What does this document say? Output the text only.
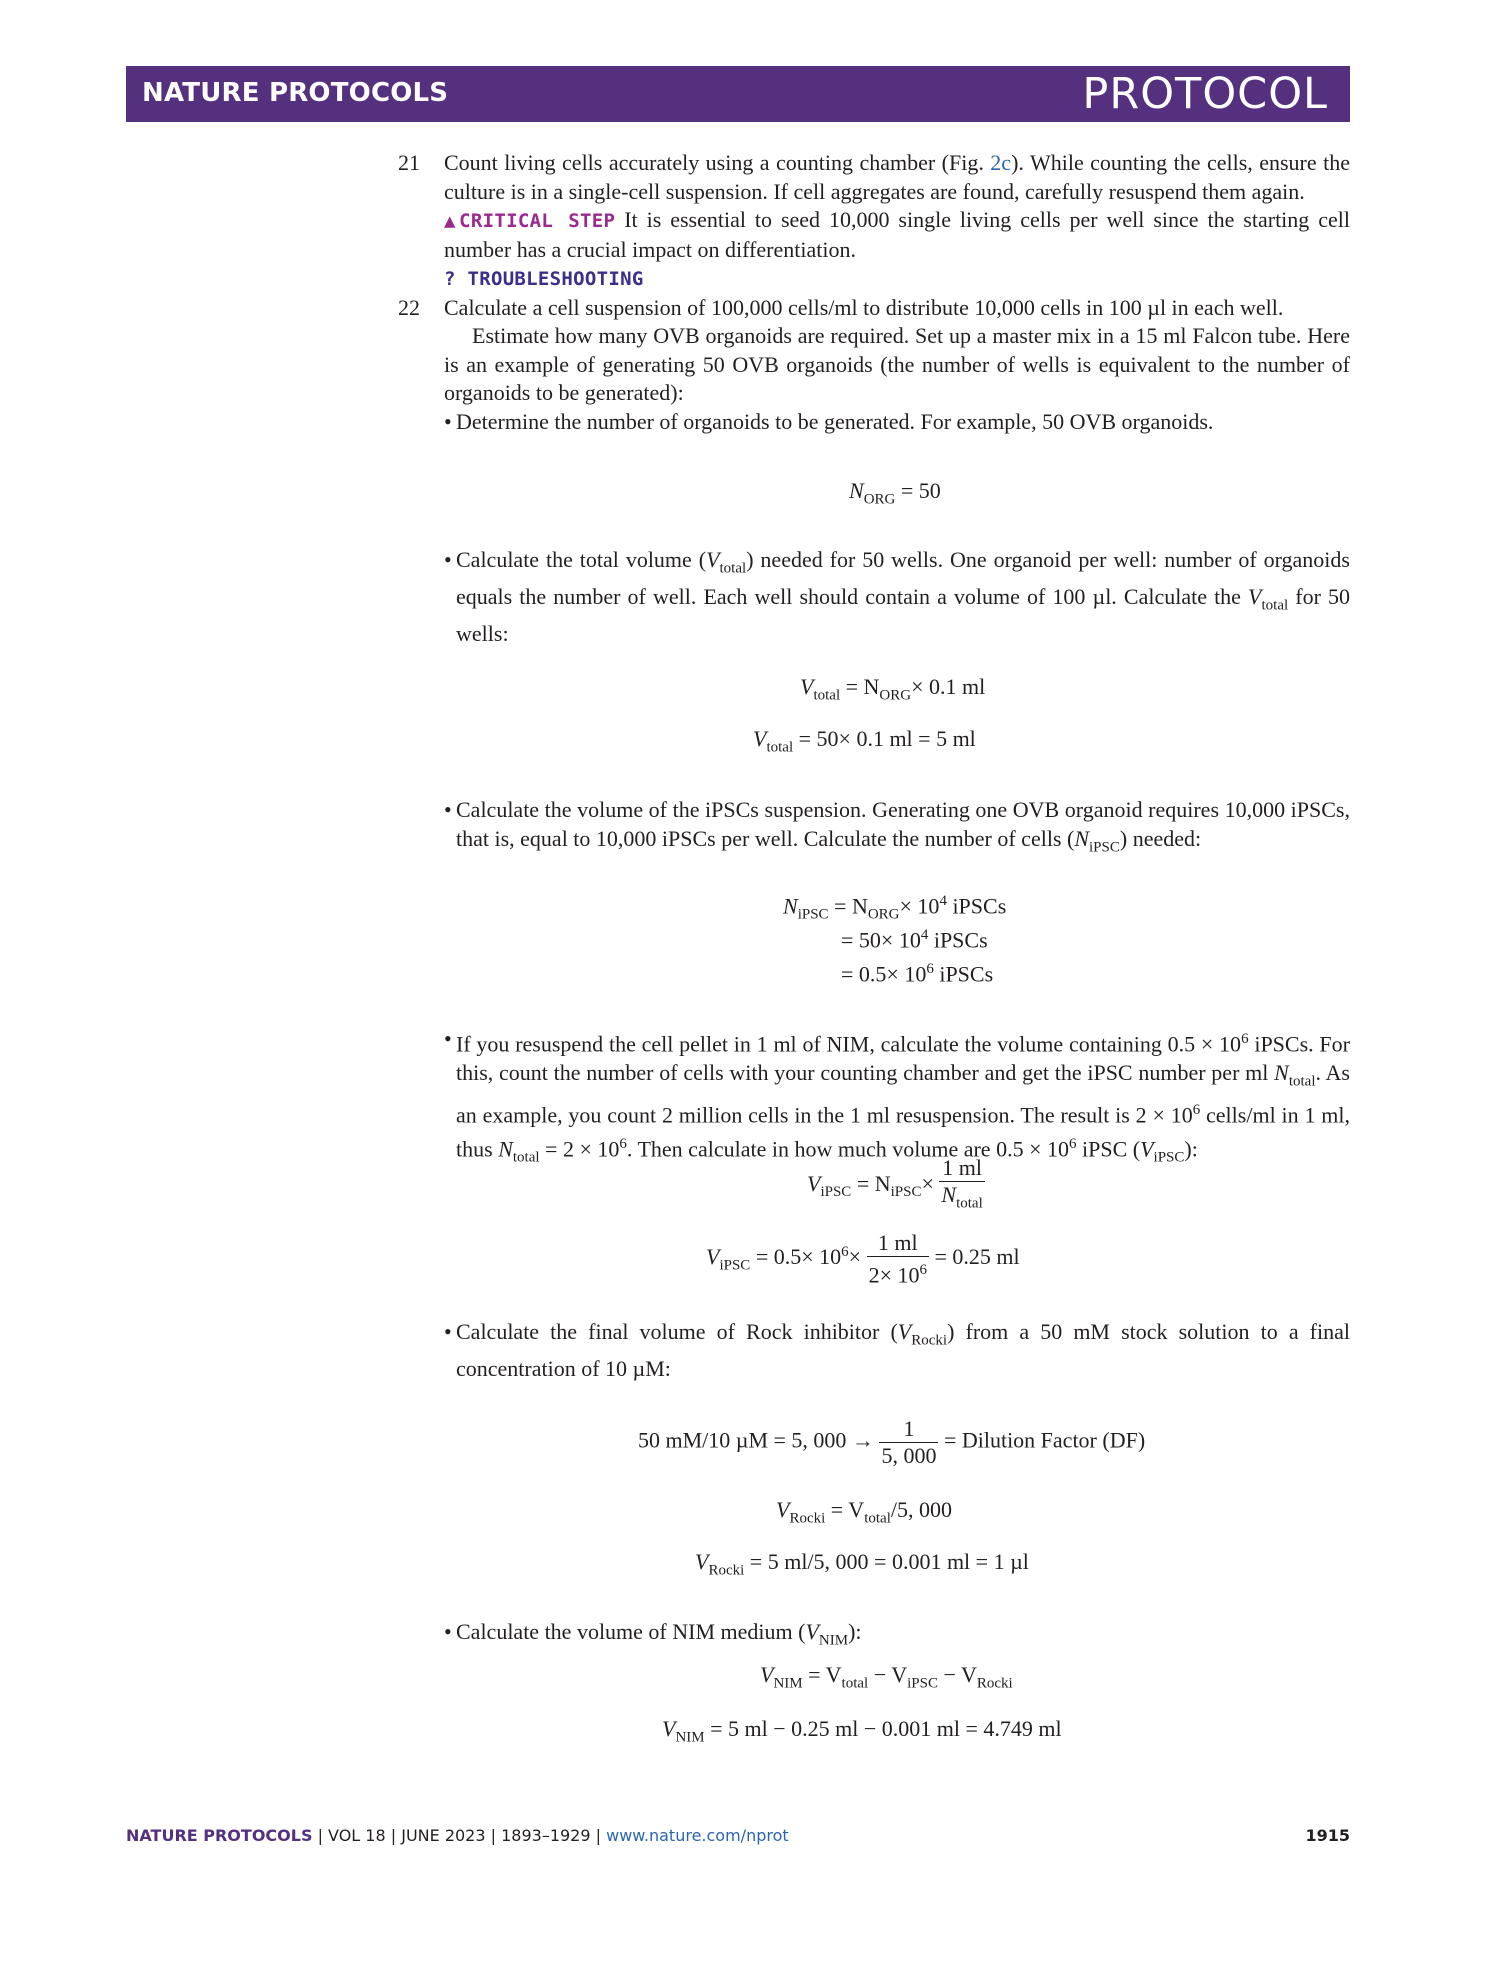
NATURE PROTOCOLS	PROTOCOL
21 Count living cells accurately using a counting chamber (Fig. 2c). While counting the cells, ensure the culture is in a single-cell suspension. If cell aggregates are found, carefully resuspend them again.

▲CRITICAL STEP It is essential to seed 10,000 single living cells per well since the starting cell number has a crucial impact on differentiation.

? TROUBLESHOOTING

22 Calculate a cell suspension of 100,000 cells/ml to distribute 10,000 cells in 100 µl in each well.

Estimate how many OVB organoids are required. Set up a master mix in a 15 ml Falcon tube. Here is an example of generating 50 OVB organoids (the number of wells is equivalent to the number of organoids to be generated):

• Determine the number of organoids to be generated. For example, 50 OVB organoids.

• Calculate the total volume $(V_{total})$ needed for 50 wells. One organoid per well: number of organoids equals the number of well. Each well should contain a volume of 100 µl. Calculate the $V_{total}$ for 50 wells:

• Calculate the volume of the iPSCs suspension. Generating one OVB organoid requires 10,000 iPSCs, that is, equal to 10,000 iPSCs per well. Calculate the number of cells $(N_{iPSC})$ needed:

• If you resuspend the cell pellet in 1 ml of NIM, calculate the volume containing $0.5 \times 10^6$ iPSCs. For this, count the number of cells with your counting chamber and get the iPSC number per ml $N_{total}$. As an example, you count 2 million cells in the 1 ml resuspension. The result is $2 \times 10^6$ cells/ml in 1 ml, thus $N_{total} = 2 \times 10^6$. Then calculate in how much volume are $0.5 \times 10^6$ iPSC $(V_{iPSC})$:

• Calculate the final volume of Rock inhibitor $(V_{Rocki})$ from a 50 mM stock solution to a final concentration of 10 µM:

• Calculate the volume of NIM medium $(V_{NIM})$:

$N_{ORG} = 50$
$V_{total} = N_{ORG}\times 0.1$ ml
$V_{total} = 50\times 0.1$ ml = 5 ml
$N_{iPSC} = N_{ORG}\times 10^4$ iPSCs
= $50\times 10^4$ iPSCs
= $0.5\times 10^6$ iPSCs
$V_{iPSC} = N_{iPSC}\times \frac{1 ml}{N_{total}}$
$V_{iPSC} = 0.5\times 10^6\times \frac{1 ml}{2\times 10^6} = 0.25$ ml
50 mM/10 µM = 5, $000 \to \frac{1}{5, 000}$ = Dilution Factor (DF)
$V_{Rocki} = V_{total}/5$, 000
$V_{Rocki} = 5$ ml/5, 000 = 0.001 ml = 1 µl
$V_{NIM} = V_{total} - V_{iPSC} - V_{Rocki}$
$V_{NIM} = 5$ ml − 0.25 ml − 0.001 ml = 4.749 ml
NATURE PROTOCOLS | VOL 18 | JUNE 2023 | 1893–1929 | www.nature.com/nprot	1915
